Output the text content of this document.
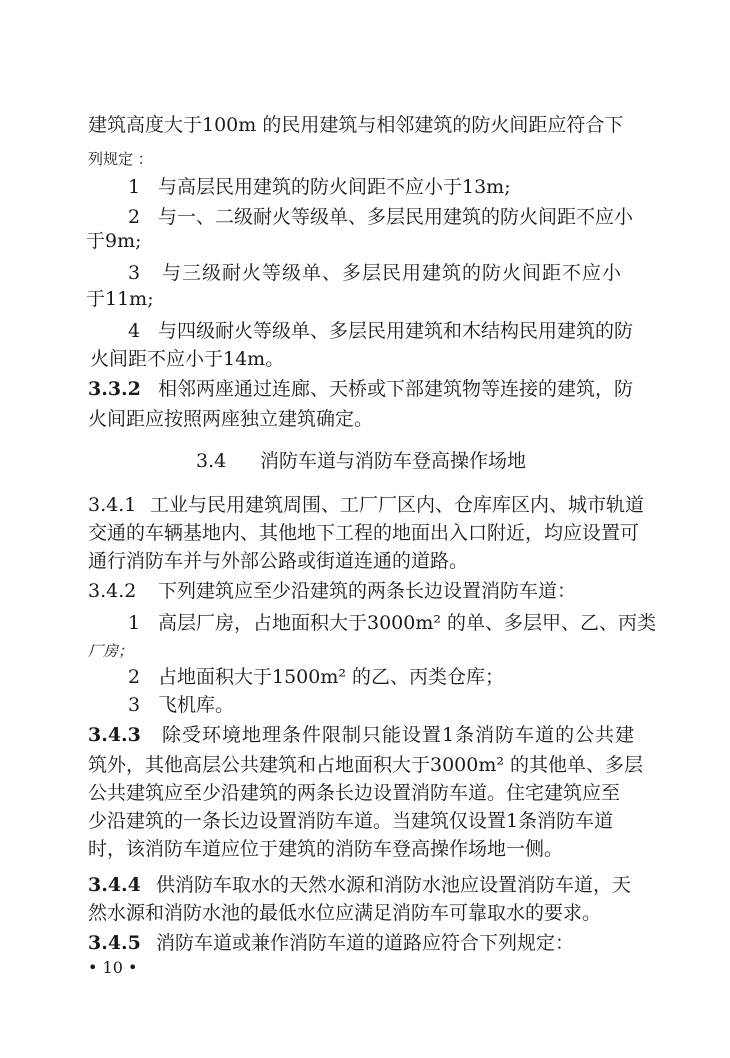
建筑高度大于100m 的民用建筑与相邻建筑的防火间距应符合下
列规定 ：
1 与高层民用建筑的防火间距不应小于13m;
2 与一、二级耐火等级单、多层民用建筑的防火间距不应小
于9m;
3 与三级耐火等级单、多层民用建筑的防火间距不应小
于11m;
4 与四级耐火等级单、多层民用建筑和木结构民用建筑的防
火间距不应小于14m。
3.3.2 相邻两座通过连廊、天桥或下部建筑物等连接的建筑，防
火间距应按照两座独立建筑确定。
3.4 消防车道与消防车登高操作场地
3.4.1 工业与民用建筑周围、工厂厂区内、仓库库区内、城市轨道
交通的车辆基地内、其他地下工程的地面出入口附近，均应设置可
通行消防车并与外部公路或街道连通的道路。
3.4.2 下列建筑应至少沿建筑的两条长边设置消防车道：
1 高层厂房，占地面积大于3000m² 的单、多层甲、乙、丙类
厂房；
2 占地面积大于1500m² 的乙、丙类仓库；
3 飞机库。
3.4.3 除受环境地理条件限制只能设置1条消防车道的公共建
筑外，其他高层公共建筑和占地面积大于3000m² 的其他单、多层
公共建筑应至少沿建筑的两条长边设置消防车道。住宅建筑应至
少沿建筑的一条长边设置消防车道。当建筑仅设置1条消防车道
时，该消防车道应位于建筑的消防车登高操作场地一侧。
3.4.4 供消防车取水的天然水源和消防水池应设置消防车道，天
然水源和消防水池的最低水位应满足消防车可靠取水的要求。
3.4.5 消防车道或兼作消防车道的道路应符合下列规定：
• 10 •
